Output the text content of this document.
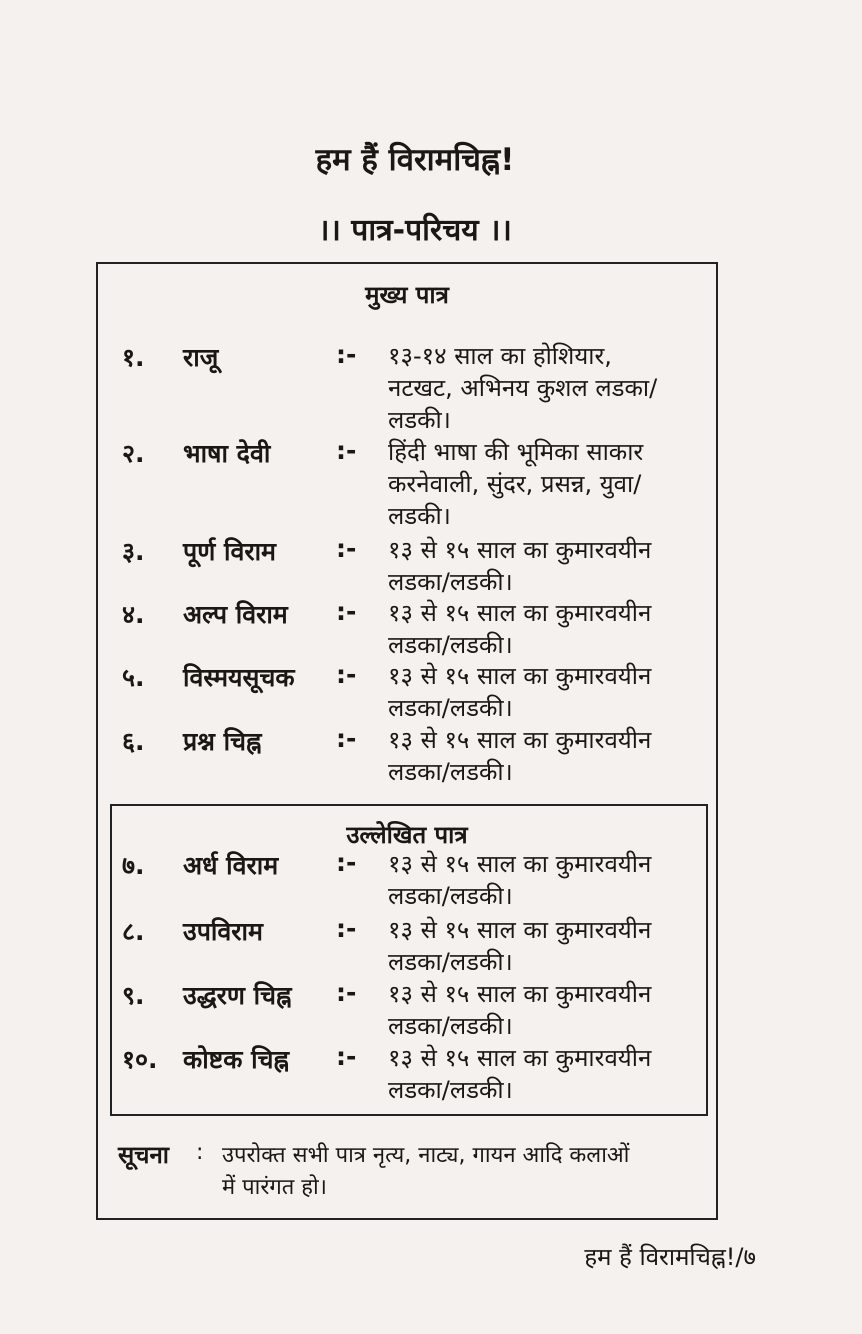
हम हैं विरामचिह्न!
।। पात्र-परिचय ।।
मुख्य पात्र
१. राजू	:- १३-१४ साल का होशियार,
नटखट, अभिनय कुशल लडका/
लडकी।
२. भाषा देवी	:- हिंदी भाषा की भूमिका साकार
करनेवाली, सुंदर, प्रसन्न, युवा/
लडकी।
३. पूर्ण विराम :- १३ से १५ साल का कुमारवयीन
लडका/लडकी।
४. अल्प विराम :- १३ से १५ साल का कुमारवयीन
लडका/लडकी।
५. विस्मयसूचक :- १३ से १५ साल का कुमारवयीन
लडका/लडकी।
६. प्रश्न चिह्न	:- १३ से १५ साल का कुमारवयीन
लडका/लडकी।
उल्लेखित पात्र
७. अर्ध विराम :- १३ से १५ साल का कुमारवयीन
लडका/लडकी।
८. उपविराम	:- १३ से १५ साल का कुमारवयीन
लडका/लडकी।
९. उद्धरण चिह्न :- १३ से १५ साल का कुमारवयीन
लडका/लडकी।
१०. कोष्टक चिह्न :- १३ से १५ साल का कुमारवयीन
लडका/लडकी।
सूचना : उपरोक्त सभी पात्र नृत्य, नाट्य, गायन आदि कलाओं
में पारंगत हो।
हम हैं विरामचिह्न!/७
